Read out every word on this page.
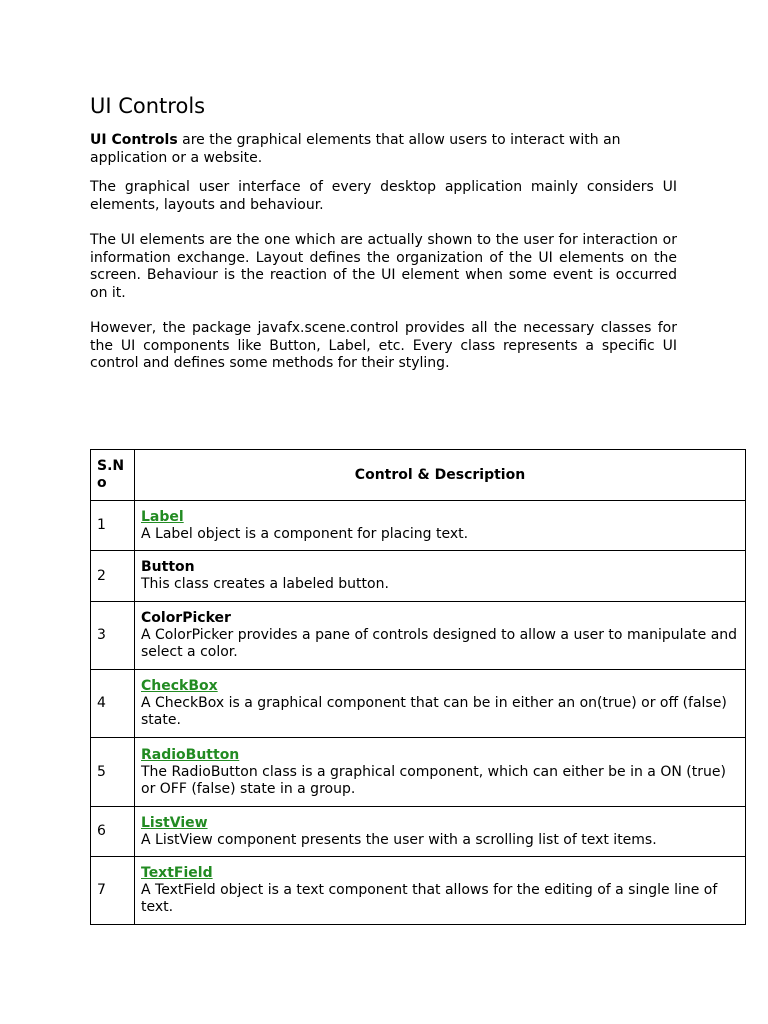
UI Controls

UI Controls are the graphical elements that allow users to interact with an application or a website.

The graphical user interface of every desktop application mainly considers UI elements, layouts and behaviour.

The UI elements are the one which are actually shown to the user for interaction or information exchange. Layout defines the organization of the UI elements on the screen. Behaviour is the reaction of the UI element when some event is occurred on it.

However, the package javafx.scene.control provides all the necessary classes for the UI components like Button, Label, etc. Every class represents a specific UI control and defines some methods for their styling.

S.No	Control & Description
1	Label
A Label object is a component for placing text.

2	Button
This class creates a labeled button.

3	ColorPicker
A ColorPicker provides a pane of controls designed to allow a user to manipulate and select a color.

4	CheckBox
A CheckBox is a graphical component that can be in either an on(true) or off (false) state.

5	RadioButton
The RadioButton class is a graphical component, which can either be in a ON (true) or OFF (false) state in a group.

6	ListView
A ListView component presents the user with a scrolling list of text items.

7	TextField
A TextField object is a text component that allows for the editing of a single line of text.
